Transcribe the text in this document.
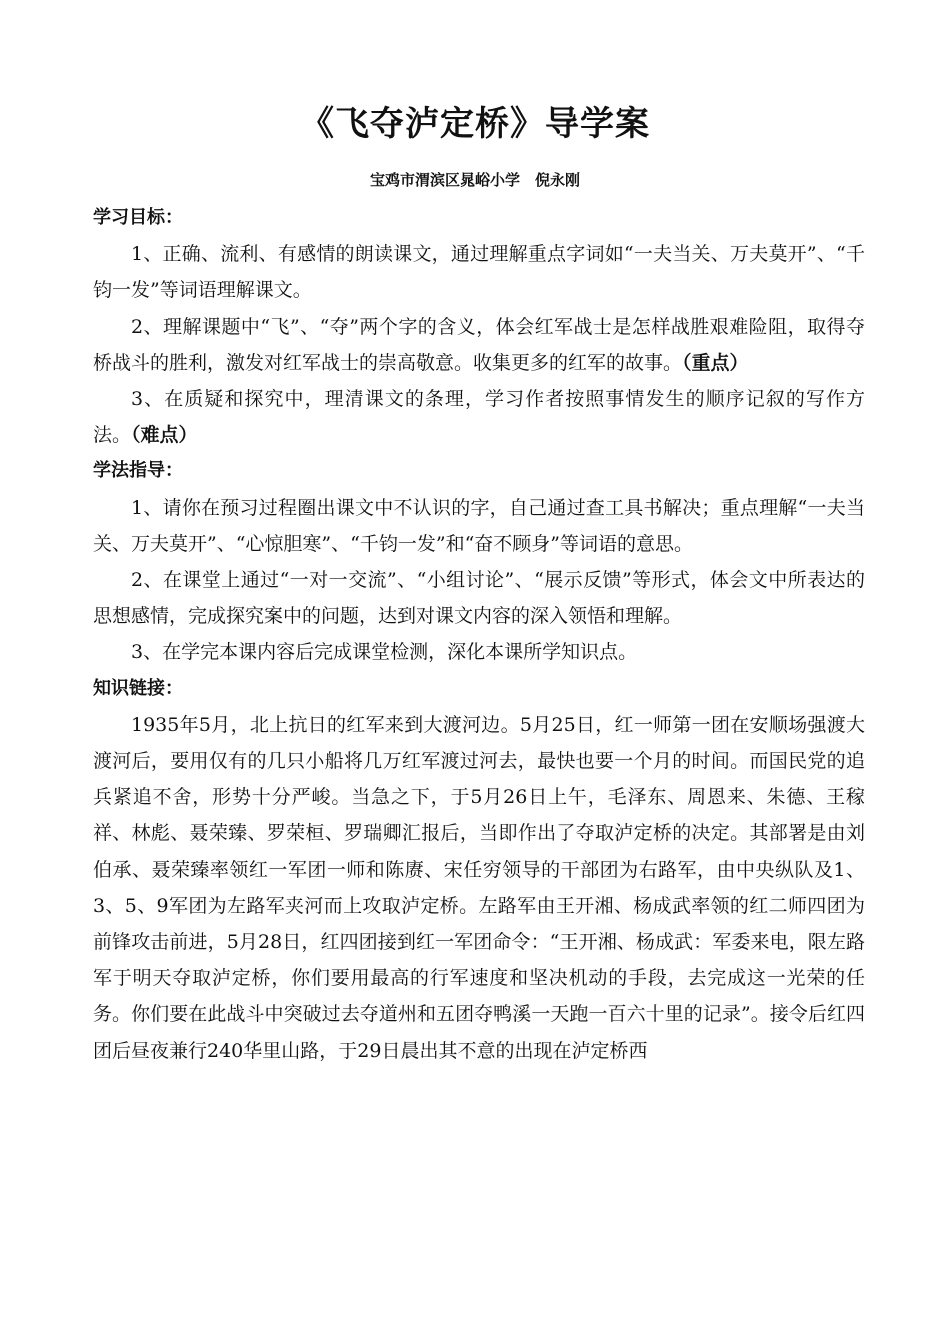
《飞夺泸定桥》导学案
宝鸡市渭滨区晁峪小学　倪永刚

学习目标：

1、正确、流利、有感情的朗读课文，通过理解重点字词如“一夫当关、万夫莫开”、“千钧一发”等词语理解课文。

2、理解课题中“飞”、“夺”两个字的含义，体会红军战士是怎样战胜艰难险阻，取得夺桥战斗的胜利，激发对红军战士的崇高敬意。收集更多的红军的故事。（重点）

3、在质疑和探究中，理清课文的条理，学习作者按照事情发生的顺序记叙的写作方法。（难点）

学法指导：

1、请你在预习过程圈出课文中不认识的字，自己通过查工具书解决；重点理解“一夫当关、万夫莫开”、“心惊胆寒”、“千钧一发”和“奋不顾身”等词语的意思。

2、在课堂上通过“一对一交流”、“小组讨论”、“展示反馈”等形式，体会文中所表达的思想感情，完成探究案中的问题，达到对课文内容的深入领悟和理解。

3、在学完本课内容后完成课堂检测，深化本课所学知识点。

知识链接：

1935年5月，北上抗日的红军来到大渡河边。5月25日，红一师第一团在安顺场强渡大渡河后，要用仅有的几只小船将几万红军渡过河去，最快也要一个月的时间。而国民党的追兵紧追不舍，形势十分严峻。当急之下，于5月26日上午，毛泽东、周恩来、朱德、王稼祥、林彪、聂荣臻、罗荣桓、罗瑞卿汇报后，当即作出了夺取泸定桥的决定。其部署是由刘伯承、聂荣臻率领红一军团一师和陈赓、宋任穷领导的干部团为右路军，由中央纵队及1、3、5、9军团为左路军夹河而上攻取泸定桥。左路军由王开湘、杨成武率领的红二师四团为前锋攻击前进，5月28日，红四团接到红一军团命令：“王开湘、杨成武：军委来电，限左路军于明天夺取泸定桥，你们要用最高的行军速度和坚决机动的手段，去完成这一光荣的任务。你们要在此战斗中突破过去夺道州和五团夺鸭溪一天跑一百六十里的记录”。接令后红四团后昼夜兼行240华里山路，于29日晨出其不意的出现在泸定桥西
